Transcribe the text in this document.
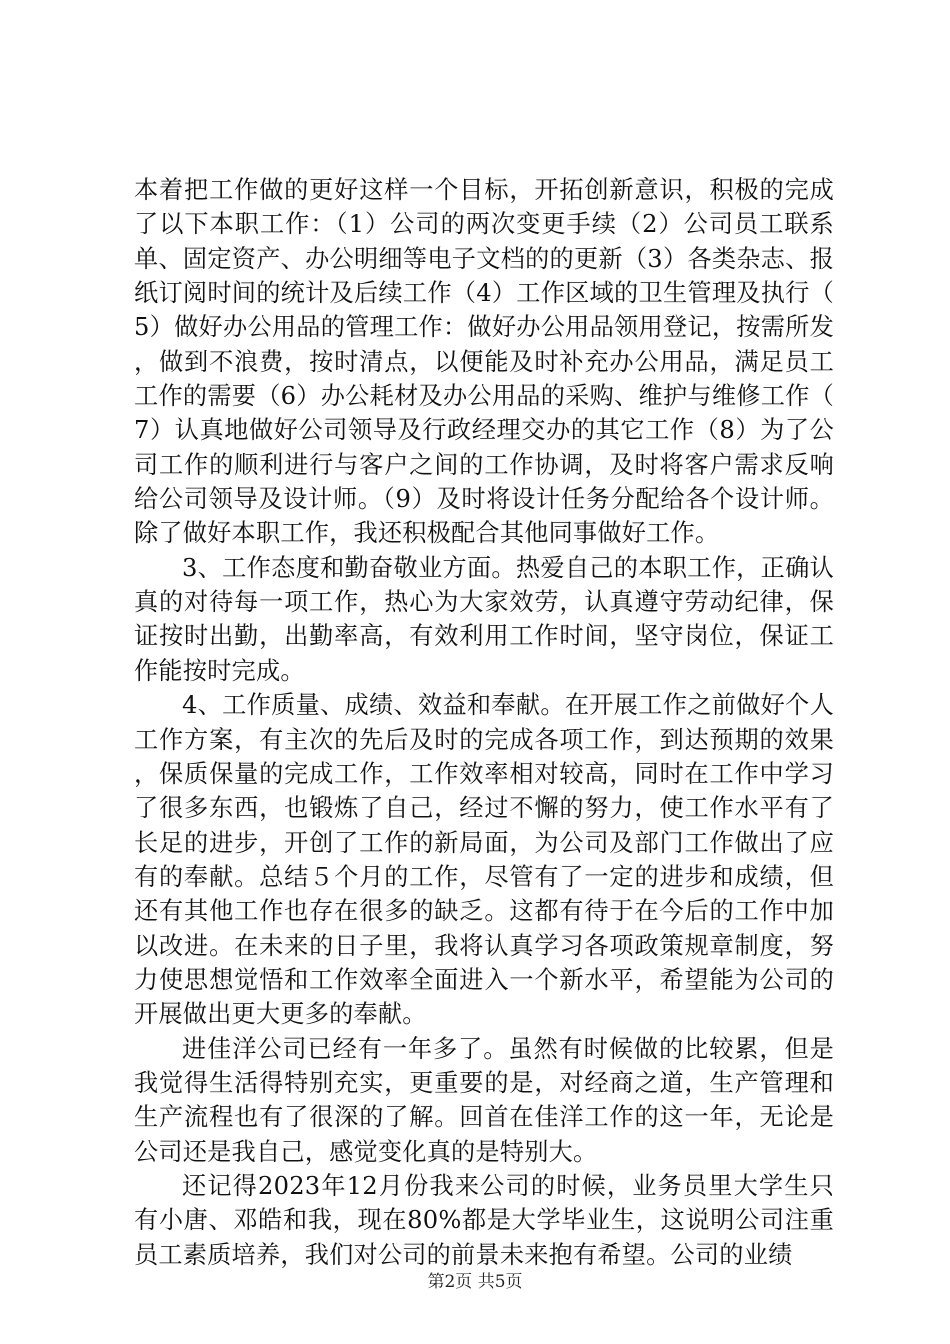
本着把工作做的更好这样一个目标，开拓创新意识，积极的完成了以下本职工作：（1）公司的两次变更手续（2）公司员工联系单、固定资产、办公明细等电子文档的的更新（3）各类杂志、报纸订阅时间的统计及后续工作（4）工作区域的卫生管理及执行（5）做好办公用品的管理工作：做好办公用品领用登记，按需所发，做到不浪费，按时清点，以便能及时补充办公用品，满足员工工作的需要（6）办公耗材及办公用品的采购、维护与维修工作（7）认真地做好公司领导及行政经理交办的其它工作（8）为了公司工作的顺利进行与客户之间的工作协调，及时将客户需求反响给公司领导及设计师。（9）及时将设计任务分配给各个设计师。除了做好本职工作，我还积极配合其他同事做好工作。

3、工作态度和勤奋敬业方面。热爱自己的本职工作，正确认真的对待每一项工作，热心为大家效劳，认真遵守劳动纪律，保证按时出勤，出勤率高，有效利用工作时间，坚守岗位，保证工作能按时完成。

4、工作质量、成绩、效益和奉献。在开展工作之前做好个人工作方案，有主次的先后及时的完成各项工作，到达预期的效果，保质保量的完成工作，工作效率相对较高，同时在工作中学习了很多东西，也锻炼了自己，经过不懈的努力，使工作水平有了长足的进步，开创了工作的新局面，为公司及部门工作做出了应有的奉献。总结５个月的工作，尽管有了一定的进步和成绩，但还有其他工作也存在很多的缺乏。这都有待于在今后的工作中加以改进。在未来的日子里，我将认真学习各项政策规章制度，努力使思想觉悟和工作效率全面进入一个新水平，希望能为公司的开展做出更大更多的奉献。

进佳洋公司已经有一年多了。虽然有时候做的比较累，但是我觉得生活得特别充实，更重要的是，对经商之道，生产管理和生产流程也有了很深的了解。回首在佳洋工作的这一年，无论是公司还是我自己，感觉变化真的是特别大。

还记得2023年12月份我来公司的时候，业务员里大学生只有小唐、邓皓和我，现在80%都是大学毕业生，这说明公司注重员工素质培养，我们对公司的前景未来抱有希望。公司的业绩

第2页 共5页
